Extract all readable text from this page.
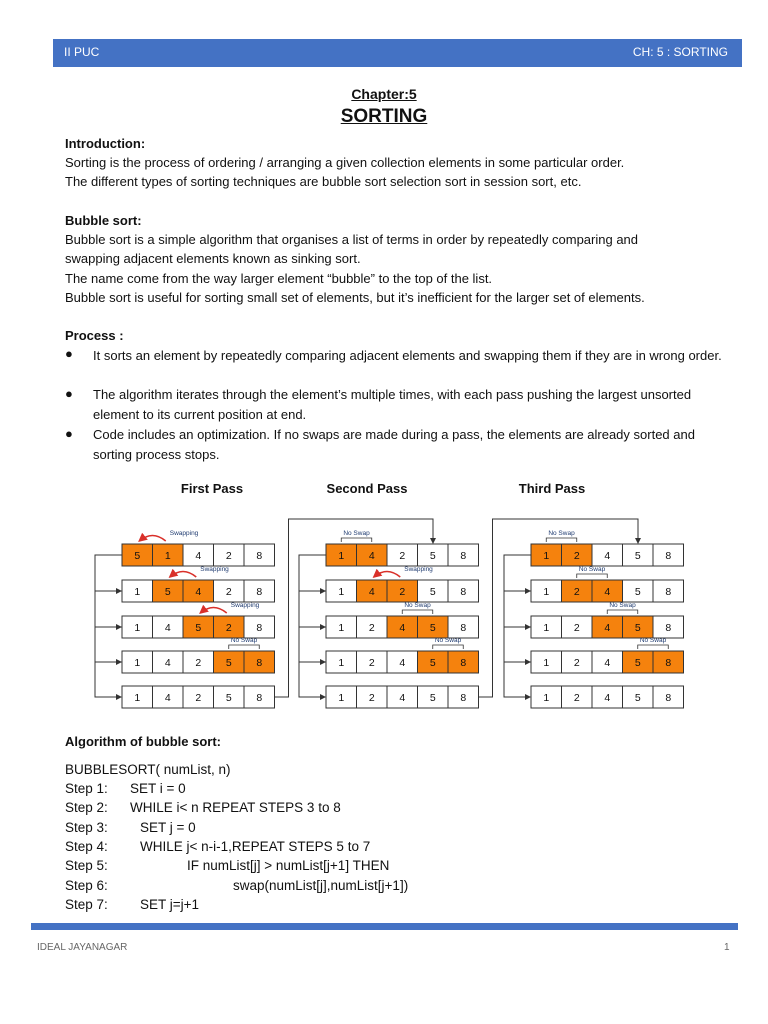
II PUC	CH: 5 : SORTING
Chapter:5
SORTING
Introduction:
Sorting is the process of ordering / arranging a given collection elements in some particular order.
The different types of sorting techniques are bubble sort selection sort in session sort, etc.
Bubble sort:
Bubble sort is a simple algorithm that organises a list of terms in order by repeatedly comparing and
swapping adjacent elements known as sinking sort.
The name come from the way larger element “bubble” to the top of the list.
Bubble sort is useful for sorting small set of elements, but it’s inefficient for the larger set of elements.
Process :
●	It sorts an element by repeatedly comparing adjacent elements and swapping them if they are in wrong order.
●	The algorithm iterates through the element’s multiple times, with each pass pushing the largest unsorted element to its current position at end.
●	Code includes an optimization. If no swaps are made during a pass, the elements are already sorted and sorting process stops.
First Pass
5 1 4 2 8
Swapping
1 5 4 2 8
Swapping
1 4 5 2 8
Swapping
1 4 2 5 8
No Swap
1 4 2 5 8
Second Pass
1 4 2 5 8
No Swap
1 4 2 5 8
Swapping
1 2 4 5 8
No Swap
1 2 4 5 8
No Swap
1 2 4 5 8
Third Pass
1 2 4 5 8
No Swap
1 2 4 5 8
No Swap
1 2 4 5 8
No Swap
1 2 4 5 8
No Swap
1 2 4 5 8
Algorithm of bubble sort:
BUBBLESORT( numList, n)
Step 1: SET i = 0
Step 2: WHILE i< n REPEAT STEPS 3 to 8
Step 3: SET j = 0
Step 4: WHILE j< n-i-1,REPEAT STEPS 5 to 7
Step 5:	IF numList[j] > numList[j+1] THEN
Step 6:	swap(numList[j],numList[j+1])
Step 7: SET j=j+1
IDEAL JAYANAGAR	1
